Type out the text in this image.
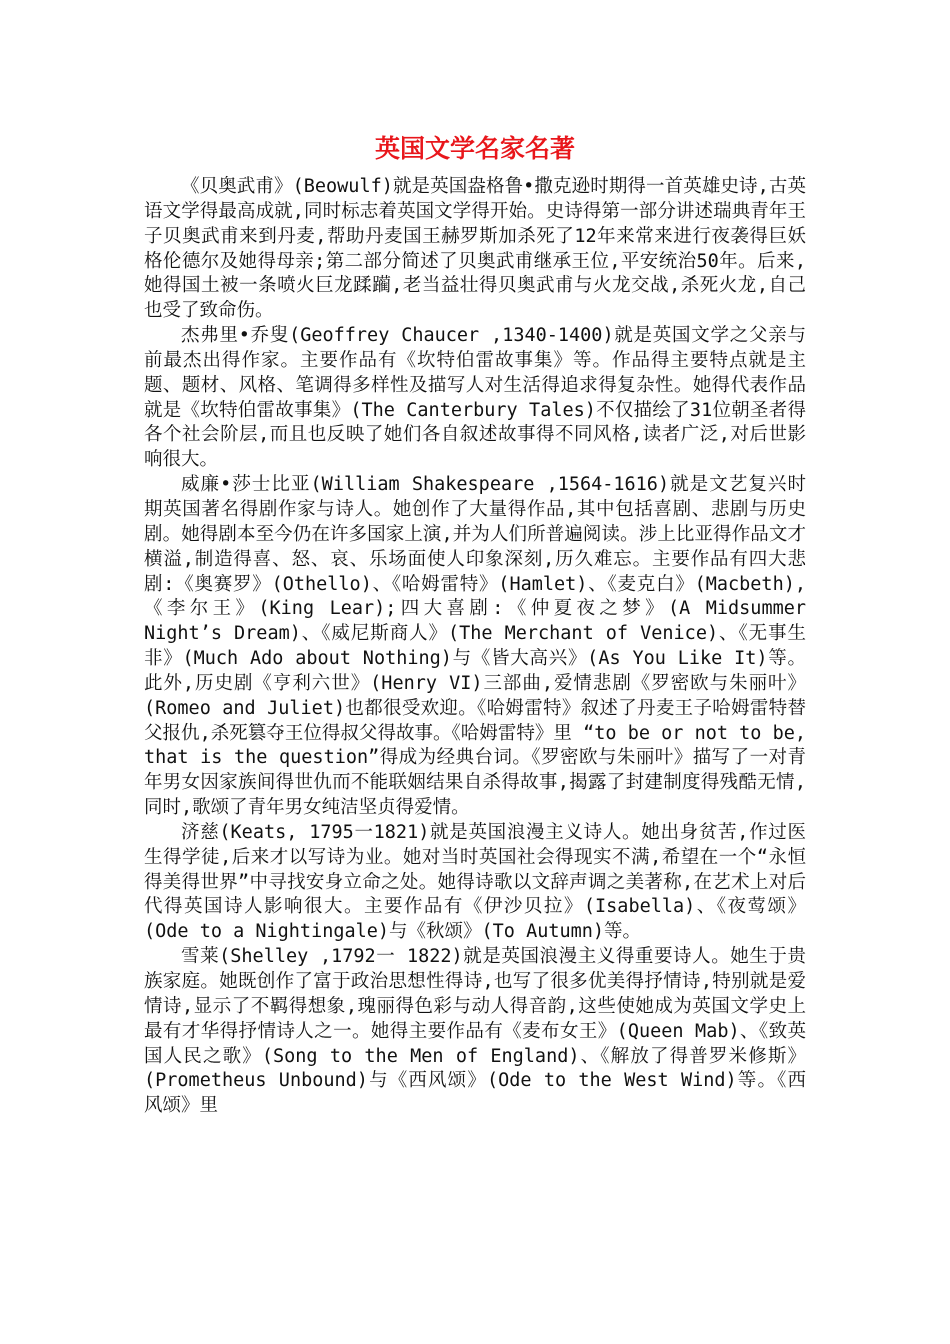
英国文学名家名著

《贝奥武甫》(Beowulf)就是英国盎格鲁•撒克逊时期得一首英雄史诗,古英语文学得最高成就,同时标志着英国文学得开始。史诗得第一部分讲述瑞典青年王子贝奥武甫来到丹麦,帮助丹麦国王赫罗斯加杀死了12年来常来进行夜袭得巨妖格伦德尔及她得母亲;第二部分简述了贝奥武甫继承王位,平安统治50年。后来,她得国土被一条喷火巨龙蹂躏,老当益壮得贝奥武甫与火龙交战,杀死火龙,自己也受了致命伤。

杰弗里•乔叟(Geoffrey Chaucer ,1340-1400)就是英国文学之父亲与前最杰出得作家。主要作品有《坎特伯雷故事集》等。作品得主要特点就是主题、题材、风格、笔调得多样性及描写人对生活得追求得复杂性。她得代表作品就是《坎特伯雷故事集》(The Canterbury Tales)不仅描绘了31位朝圣者得各个社会阶层,而且也反映了她们各自叙述故事得不同风格,读者广泛,对后世影响很大。

威廉•莎士比亚(William Shakespeare ,1564-1616)就是文艺复兴时期英国著名得剧作家与诗人。她创作了大量得作品,其中包括喜剧、悲剧与历史剧。她得剧本至今仍在许多国家上演,并为人们所普遍阅读。涉上比亚得作品文才横溢,制造得喜、怒、哀、乐场面使人印象深刻,历久难忘。主要作品有四大悲剧:《奥赛罗》(Othello)、《哈姆雷特》(Hamlet)、《麦克白》(Macbeth),《李尔王》(King Lear);四大喜剧:《仲夏夜之梦》(A Midsummer Night’s Dream)、《威尼斯商人》(The Merchant of Venice)、《无事生非》(Much Ado about Nothing)与《皆大高兴》(As You Like It)等。此外,历史剧《亨利六世》(Henry VI)三部曲,爱情悲剧《罗密欧与朱丽叶》(Romeo and Juliet)也都很受欢迎。《哈姆雷特》叙述了丹麦王子哈姆雷特替父报仇,杀死篡夺王位得叔父得故事。《哈姆雷特》里 “to be or not to be, that is the question”得成为经典台词。《罗密欧与朱丽叶》描写了一对青年男女因家族间得世仇而不能联姻结果自杀得故事,揭露了封建制度得残酷无情,同时,歌颂了青年男女纯洁坚贞得爱情。

济慈(Keats, 1795一1821)就是英国浪漫主义诗人。她出身贫苦,作过医生得学徒,后来才以写诗为业。她对当时英国社会得现实不满,希望在一个“永恒得美得世界”中寻找安身立命之处。她得诗歌以文辞声调之美著称,在艺术上对后代得英国诗人影响很大。主要作品有《伊沙贝拉》(Isabella)、《夜莺颂》(Ode to a Nightingale)与《秋颂》(To Autumn)等。

雪莱(Shelley ,1792一 1822)就是英国浪漫主义得重要诗人。她生于贵族家庭。她既创作了富于政治思想性得诗,也写了很多优美得抒情诗,特别就是爱情诗,显示了不羁得想象,瑰丽得色彩与动人得音韵,这些使她成为英国文学史上最有才华得抒情诗人之一。她得主要作品有《麦布女王》(Queen Mab)、《致英国人民之歌》(Song to the Men of England)、《解放了得普罗米修斯》(Prometheus Unbound)与《西风颂》(Ode to the West Wind)等。《西风颂》里
